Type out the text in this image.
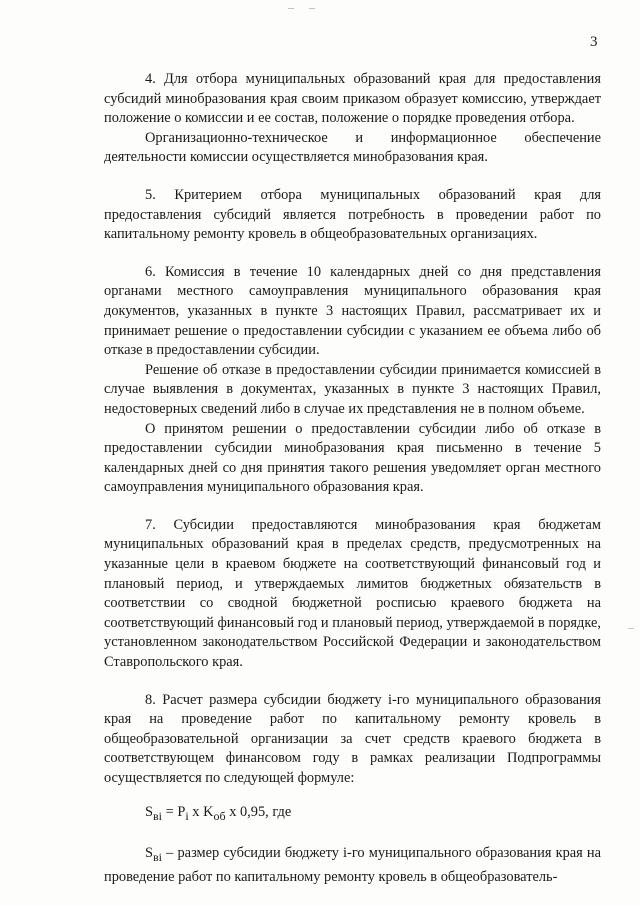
– –
3

4. Для отбора муниципальных образований края для предоставления субсидий минобразования края своим приказом образует комиссию, утверждает положение о комиссии и ее состав, положение о порядке проведения отбора.

Организационно-техническое и информационное обеспечение деятельности комиссии осуществляется минобразования края.

5. Критерием отбора муниципальных образований края для предоставления субсидий является потребность в проведении работ по капитальному ремонту кровель в общеобразовательных организациях.

6. Комиссия в течение 10 календарных дней со дня представления органами местного самоуправления муниципального образования края документов, указанных в пункте 3 настоящих Правил, рассматривает их и принимает решение о предоставлении субсидии с указанием ее объема либо об отказе в предоставлении субсидии.

Решение об отказе в предоставлении субсидии принимается комиссией в случае выявления в документах, указанных в пункте 3 настоящих Правил, недостоверных сведений либо в случае их представления не в полном объеме.

О принятом решении о предоставлении субсидии либо об отказе в предоставлении субсидии минобразования края письменно в течение 5 календарных дней со дня принятия такого решения уведомляет орган местного самоуправления муниципального образования края.

7. Субсидии предоставляются минобразования края бюджетам муниципальных образований края в пределах средств, предусмотренных на указанные цели в краевом бюджете на соответствующий финансовый год и плановый период, и утверждаемых лимитов бюджетных обязательств в соответствии со сводной бюджетной росписью краевого бюджета на соответствующий финансовый год и плановый период, утверждаемой в порядке, установленном законодательством Российской Федерации и законодательством Ставропольского края.

8. Расчет размера субсидии бюджету i-го муниципального образования края на проведение работ по капитальному ремонту кровель в общеобразовательной организации за счет средств краевого бюджета в соответствующем финансовом году в рамках реализации Подпрограммы осуществляется по следующей формуле:

$S_{вi} = P_i$ х $K_{об}$ х 0,95, где

$S_{вi}$ – размер субсидии бюджету i-го муниципального образования края на проведение работ по капитальному ремонту кровель в общеобразователь-
